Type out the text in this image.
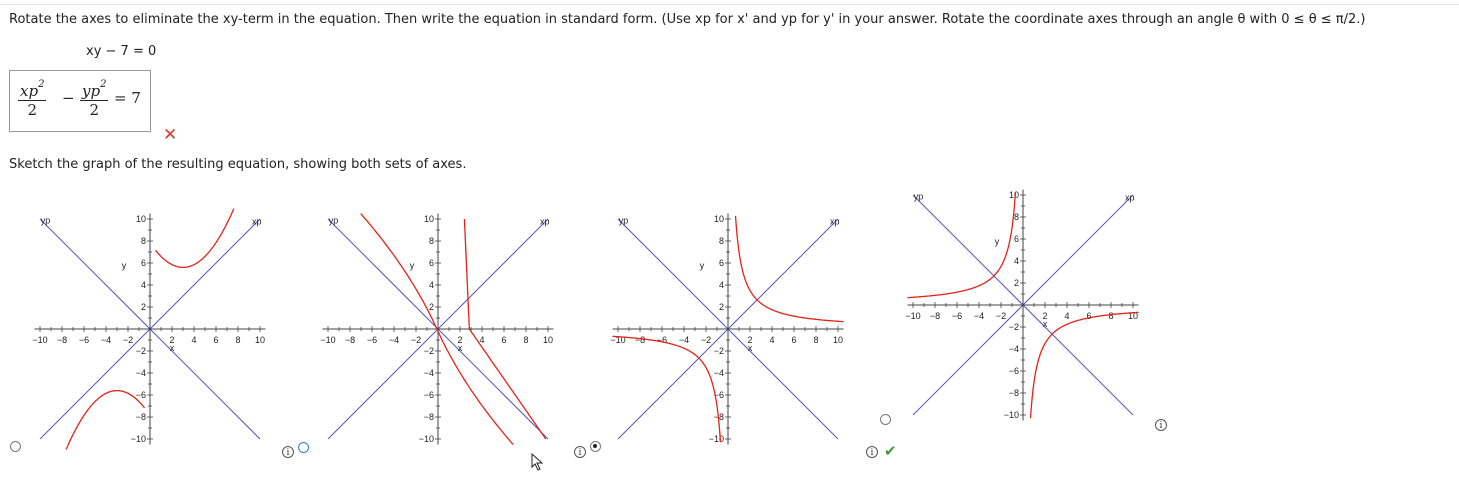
Rotate the axes to eliminate the xy-term in the equation. Then write the equation in standard form. (Use xp for x' and yp for y' in your answer. Rotate the coordinate axes through an angle θ with 0 ≤ θ ≤ π/2.)
xy − 7 = 0
$\frac{xp^2}{2} - \frac{yp^2}{2} = 7$
✕
Sketch the graph of the resulting equation, showing both sets of axes.
−10 −8 −6 −4 −2	2 4 6 8 10
10
8
6
4
2
−2
−4
−6
−8
−10
x
y
xp
yp
−10 −8 −6 −4 −2	2 4 6 8 10
10
8
6
4
2
−2
−4
−6
−8
−10
x
y
xp
yp
−10 −8 −6 −4 −2	2 4 6 8 10
10
8
6
4
2
−2
−4
−6
−8
−10
x
y
xp
yp
−10 −8 −6 −4 −2	2 4 6 8 10
10
8
6
4
2
−2
−4
−6
−8
−10
x
y
xp
yp
i	i	i ✔
i
